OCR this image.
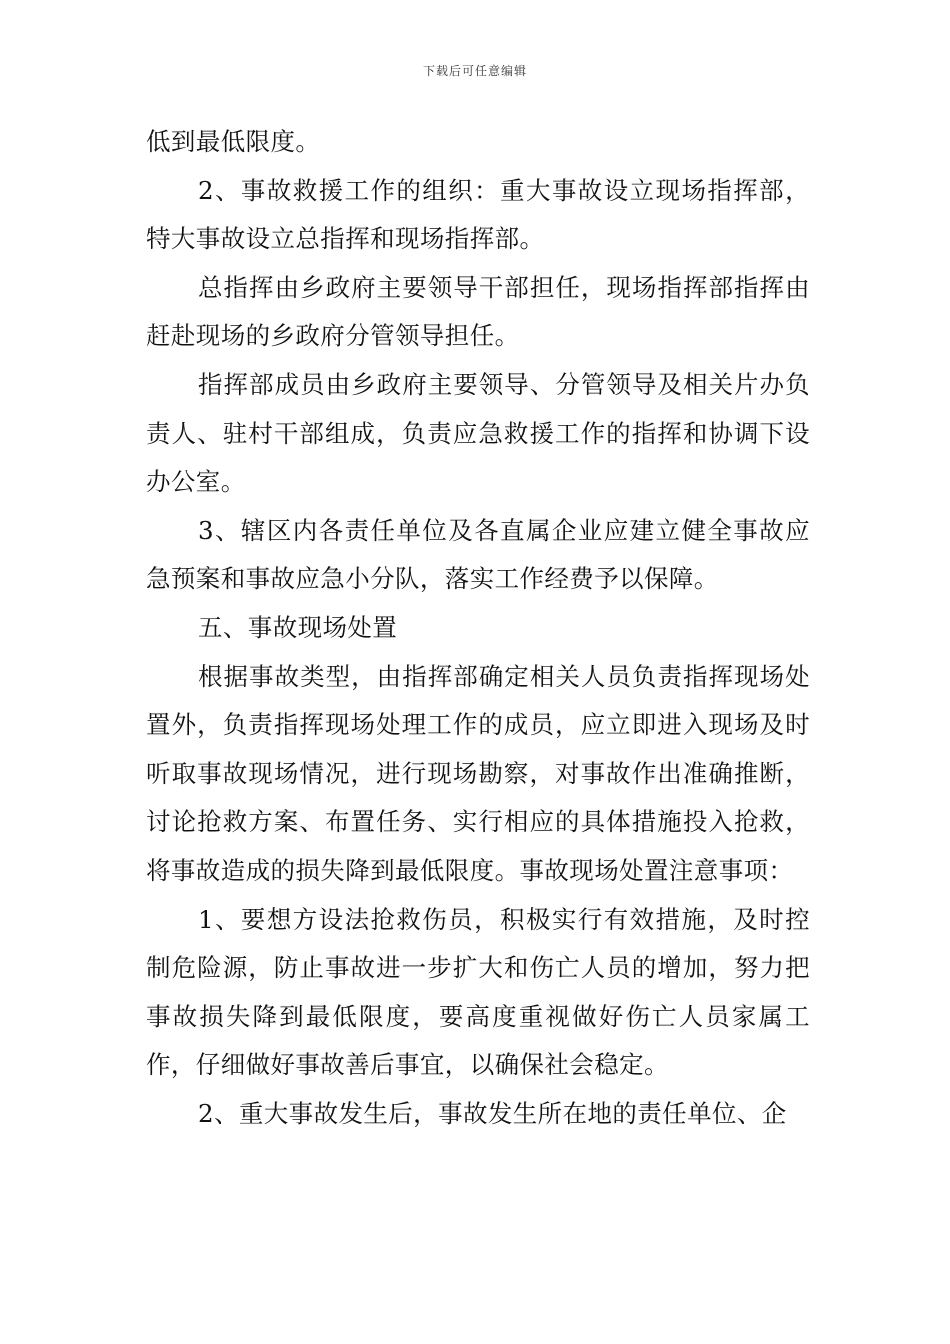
下载后可任意编辑

低到最低限度。

2、事故救援工作的组织：重大事故设立现场指挥部，特大事故设立总指挥和现场指挥部。

总指挥由乡政府主要领导干部担任，现场指挥部指挥由赶赴现场的乡政府分管领导担任。

指挥部成员由乡政府主要领导、分管领导及相关片办负责人、驻村干部组成，负责应急救援工作的指挥和协调下设办公室。

3、辖区内各责任单位及各直属企业应建立健全事故应急预案和事故应急小分队，落实工作经费予以保障。

五、事故现场处置

根据事故类型，由指挥部确定相关人员负责指挥现场处置外，负责指挥现场处理工作的成员，应立即进入现场及时听取事故现场情况，进行现场勘察，对事故作出准确推断，讨论抢救方案、布置任务、实行相应的具体措施投入抢救，将事故造成的损失降到最低限度。事故现场处置注意事项：

1、要想方设法抢救伤员，积极实行有效措施，及时控制危险源，防止事故进一步扩大和伤亡人员的增加，努力把事故损失降到最低限度，要高度重视做好伤亡人员家属工作，仔细做好事故善后事宜，以确保社会稳定。

2、重大事故发生后，事故发生所在地的责任单位、企
